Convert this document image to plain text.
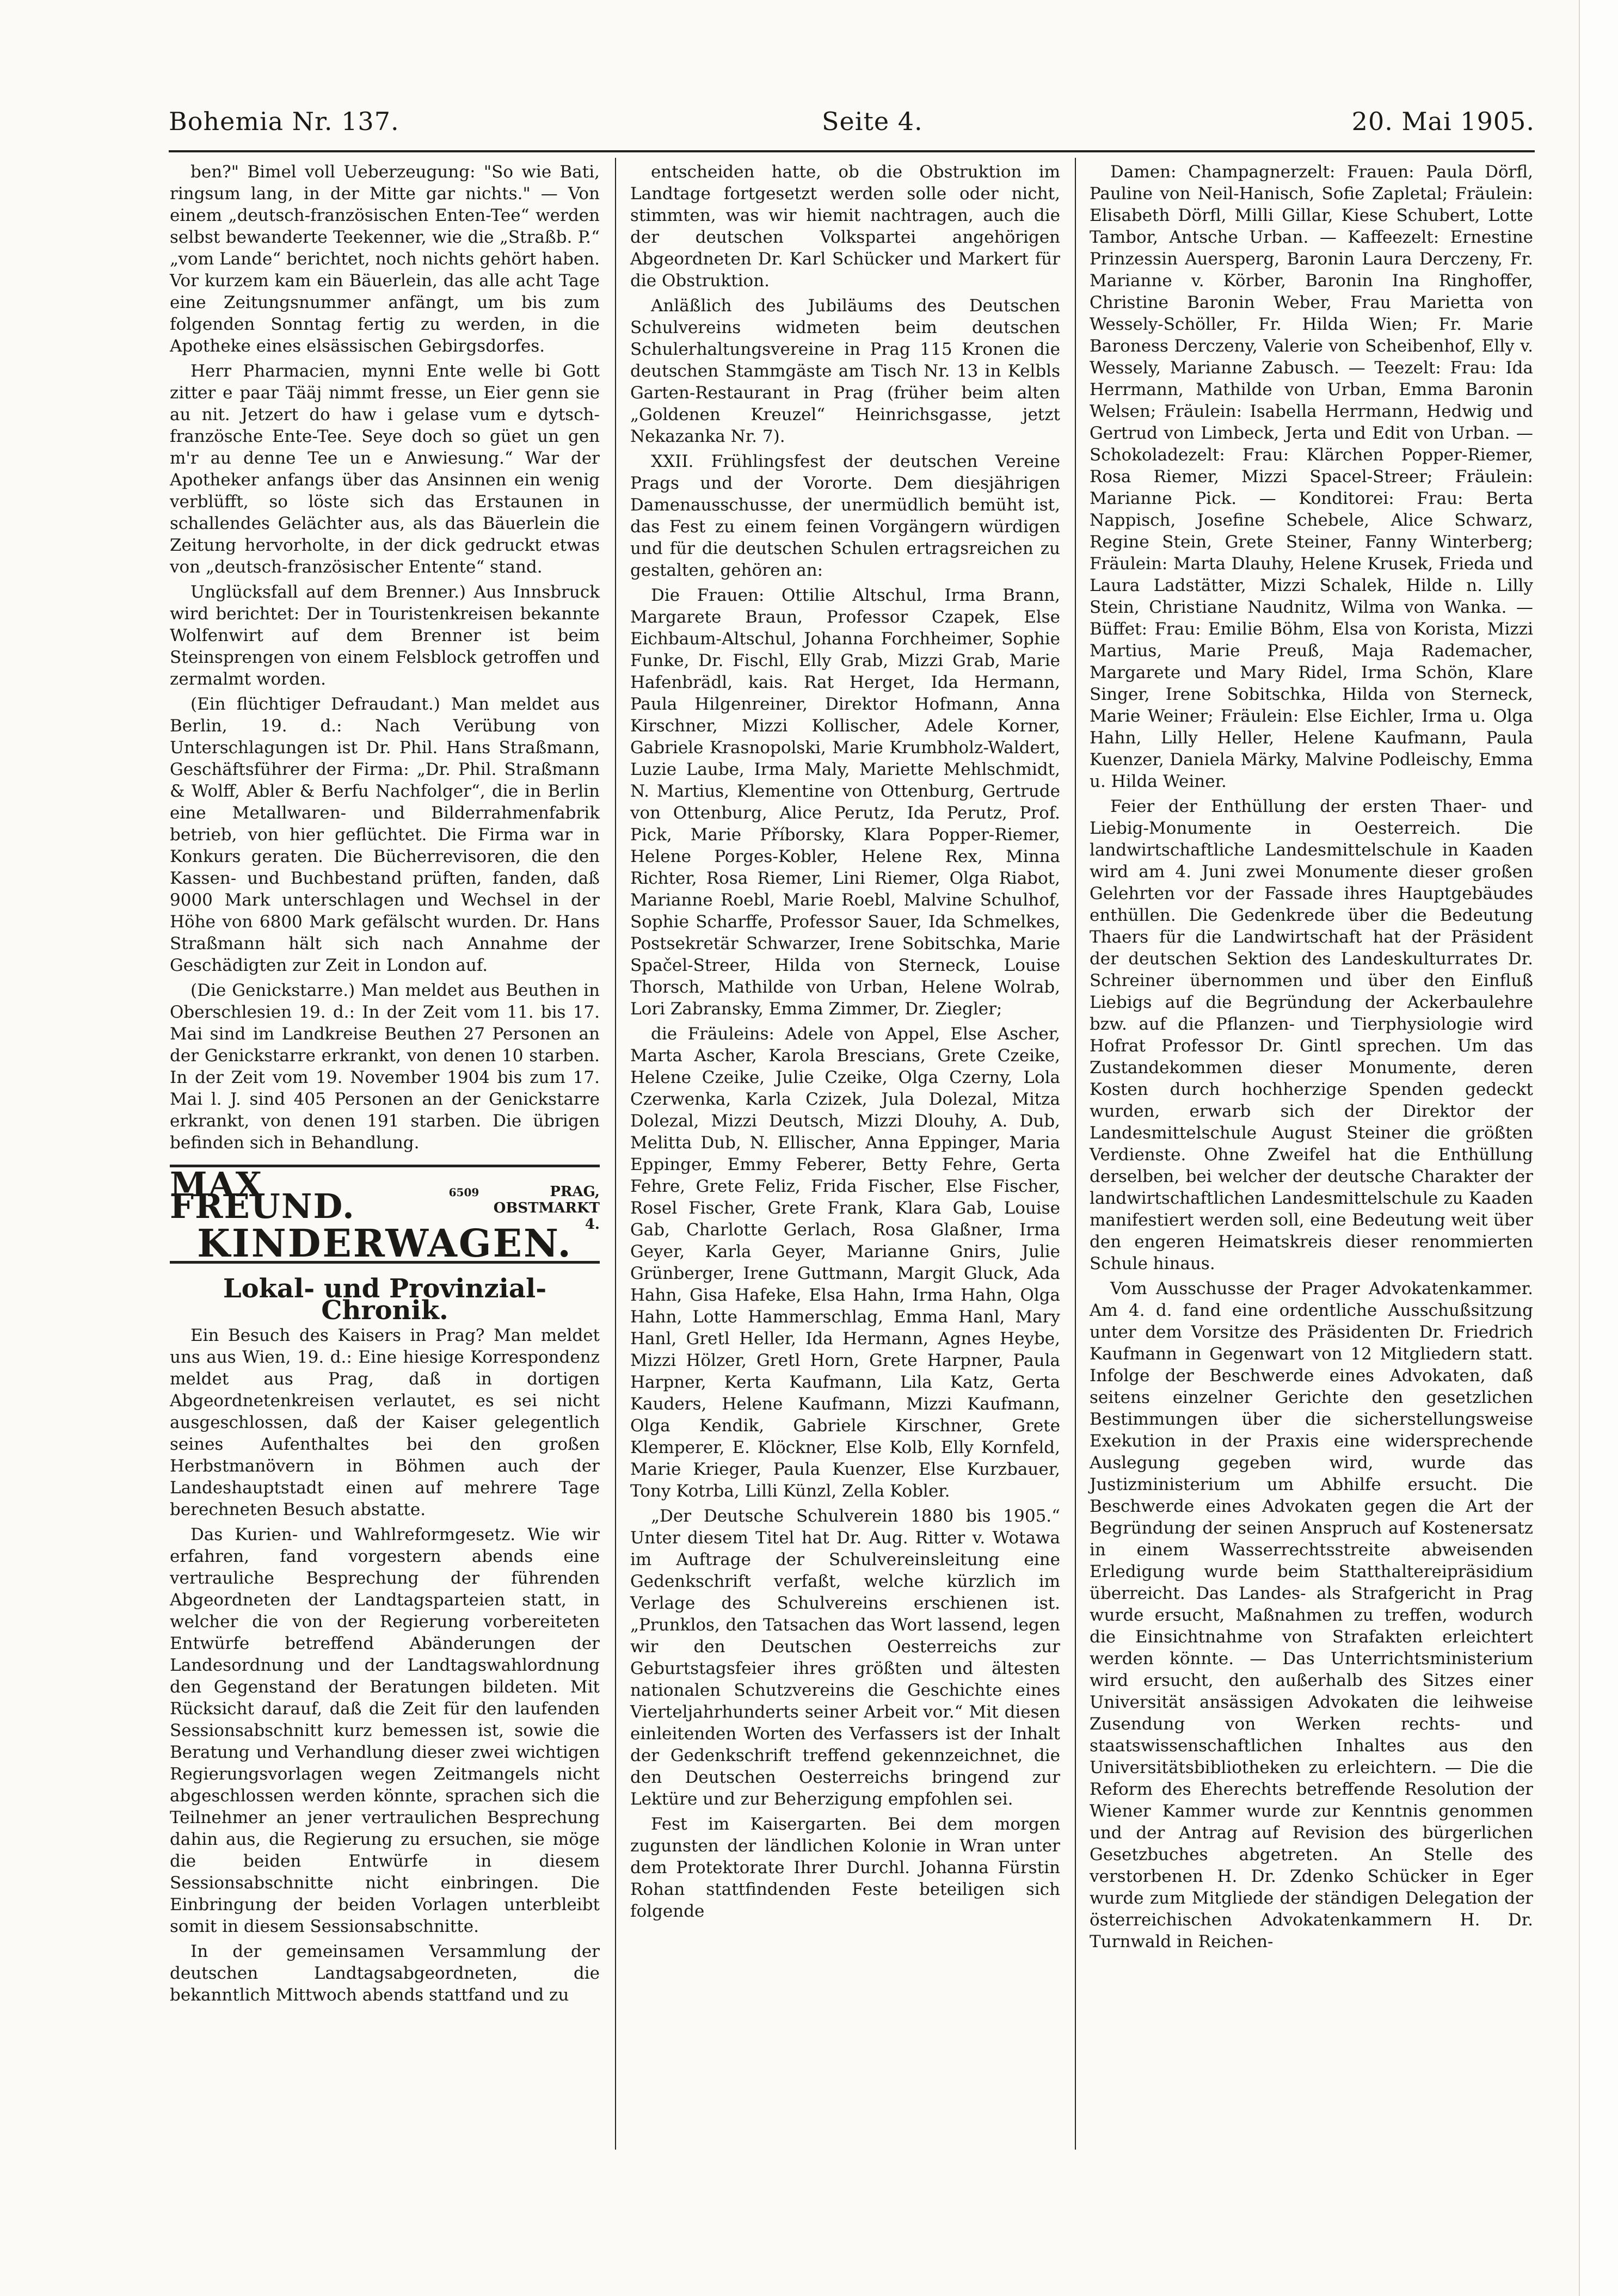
Bohemia Nr. 137.	Seite 4.	20. Mai 1905.

ben?" Bimel voll Ueberzeugung: "So wie Bati, ringsum lang, in der Mitte gar nichts." — Von einem „deutsch-französischen Enten-Tee“ werden selbst bewanderte Teekenner, wie die „Straßb. P.“ „vom Lande“ berichtet, noch nichts gehört haben. Vor kurzem kam ein Bäuerlein, das alle acht Tage eine Zeitungsnummer anfängt, um bis zum folgenden Sonntag fertig zu werden, in die Apotheke eines elsässischen Gebirgsdorfes.

Herr Pharmacien, mynni Ente welle bi Gott zitter e paar Tääj nimmt fresse, un Eier genn sie au nit. Jetzert do haw i gelase vum e dytsch-französche Ente-Tee. Seye doch so güet un gen m'r au denne Tee un e Anwiesung.“ War der Apotheker anfangs über das Ansinnen ein wenig verblüfft, so löste sich das Erstaunen in schallendes Gelächter aus, als das Bäuerlein die Zeitung hervorholte, in der dick gedruckt etwas von „deutsch-französischer Entente“ stand.

Unglücksfall auf dem Brenner.) Aus Innsbruck wird berichtet: Der in Touristenkreisen bekannte Wolfenwirt auf dem Brenner ist beim Steinsprengen von einem Felsblock getroffen und zermalmt worden.

(Ein flüchtiger Defraudant.) Man meldet aus Berlin, 19. d.: Nach Verübung von Unterschlagungen ist Dr. Phil. Hans Straßmann, Geschäftsführer der Firma: „Dr. Phil. Straßmann & Wolff, Abler & Berfu Nachfolger“, die in Berlin eine Metallwaren- und Bilderrahmenfabrik betrieb, von hier geflüchtet. Die Firma war in Konkurs geraten. Die Bücherrevisoren, die den Kassen- und Buchbestand prüften, fanden, daß 9000 Mark unterschlagen und Wechsel in der Höhe von 6800 Mark gefälscht wurden. Dr. Hans Straßmann hält sich nach Annahme der Geschädigten zur Zeit in London auf.

(Die Genickstarre.) Man meldet aus Beuthen in Oberschlesien 19. d.: In der Zeit vom 11. bis 17. Mai sind im Landkreise Beuthen 27 Personen an der Genickstarre erkrankt, von denen 10 starben. In der Zeit vom 19. November 1904 bis zum 17. Mai l. J. sind 405 Personen an der Genickstarre erkrankt, von denen 191 starben. Die übrigen befinden sich in Behandlung.

MAX FREUND.	6509	PRAG,
OBSTMARKT 4.
KINDERWAGEN.

Lokal- und Provinzial-Chronik.

Ein Besuch des Kaisers in Prag? Man meldet uns aus Wien, 19. d.: Eine hiesige Korrespondenz meldet aus Prag, daß in dortigen Abgeordnetenkreisen verlautet, es sei nicht ausgeschlossen, daß der Kaiser gelegentlich seines Aufenthaltes bei den großen Herbstmanövern in Böhmen auch der Landeshauptstadt einen auf mehrere Tage berechneten Besuch abstatte.

Das Kurien- und Wahlreformgesetz. Wie wir erfahren, fand vorgestern abends eine vertrauliche Besprechung der führenden Abgeordneten der Landtagsparteien statt, in welcher die von der Regierung vorbereiteten Entwürfe betreffend Abänderungen der Landesordnung und der Landtagswahlordnung den Gegenstand der Beratungen bildeten. Mit Rücksicht darauf, daß die Zeit für den laufenden Sessionsabschnitt kurz bemessen ist, sowie die Beratung und Verhandlung dieser zwei wichtigen Regierungsvorlagen wegen Zeitmangels nicht abgeschlossen werden könnte, sprachen sich die Teilnehmer an jener vertraulichen Besprechung dahin aus, die Regierung zu ersuchen, sie möge die beiden Entwürfe in diesem Sessionsabschnitte nicht einbringen. Die Einbringung der beiden Vorlagen unterbleibt somit in diesem Sessionsabschnitte.

In der gemeinsamen Versammlung der deutschen Landtagsabgeordneten, die bekanntlich Mittwoch abends stattfand und zu

entscheiden hatte, ob die Obstruktion im Landtage fortgesetzt werden solle oder nicht, stimmten, was wir hiemit nachtragen, auch die der deutschen Volkspartei angehörigen Abgeordneten Dr. Karl Schücker und Markert für die Obstruktion.

Anläßlich des Jubiläums des Deutschen Schulvereins widmeten beim deutschen Schulerhaltungsvereine in Prag 115 Kronen die deutschen Stammgäste am Tisch Nr. 13 in Kelbls Garten-Restaurant in Prag (früher beim alten „Goldenen Kreuzel“ Heinrichsgasse, jetzt Nekazanka Nr. 7).

XXII. Frühlingsfest der deutschen Vereine Prags und der Vororte. Dem diesjährigen Damenausschusse, der unermüdlich bemüht ist, das Fest zu einem feinen Vorgängern würdigen und für die deutschen Schulen ertragsreichen zu gestalten, gehören an:

Die Frauen: Ottilie Altschul, Irma Brann, Margarete Braun, Professor Czapek, Else Eichbaum-Altschul, Johanna Forchheimer, Sophie Funke, Dr. Fischl, Elly Grab, Mizzi Grab, Marie Hafenbrädl, kais. Rat Herget, Ida Hermann, Paula Hilgenreiner, Direktor Hofmann, Anna Kirschner, Mizzi Kollischer, Adele Korner, Gabriele Krasnopolski, Marie Krumbholz-Waldert, Luzie Laube, Irma Maly, Mariette Mehlschmidt, N. Martius, Klementine von Ottenburg, Gertrude von Ottenburg, Alice Perutz, Ida Perutz, Prof. Pick, Marie Příborsky, Klara Popper-Riemer, Helene Porges-Kobler, Helene Rex, Minna Richter, Rosa Riemer, Lini Riemer, Olga Riabot, Marianne Roebl, Marie Roebl, Malvine Schulhof, Sophie Scharffe, Professor Sauer, Ida Schmelkes, Postsekretär Schwarzer, Irene Sobitschka, Marie Spačel-Streer, Hilda von Sterneck, Louise Thorsch, Mathilde von Urban, Helene Wolrab, Lori Zabransky, Emma Zimmer, Dr. Ziegler;

die Fräuleins: Adele von Appel, Else Ascher, Marta Ascher, Karola Brescians, Grete Czeike, Helene Czeike, Julie Czeike, Olga Czerny, Lola Czerwenka, Karla Czizek, Jula Dolezal, Mitza Dolezal, Mizzi Deutsch, Mizzi Dlouhy, A. Dub, Melitta Dub, N. Ellischer, Anna Eppinger, Maria Eppinger, Emmy Feberer, Betty Fehre, Gerta Fehre, Grete Feliz, Frida Fischer, Else Fischer, Rosel Fischer, Grete Frank, Klara Gab, Louise Gab, Charlotte Gerlach, Rosa Glaßner, Irma Geyer, Karla Geyer, Marianne Gnirs, Julie Grünberger, Irene Guttmann, Margit Gluck, Ada Hahn, Gisa Hafeke, Elsa Hahn, Irma Hahn, Olga Hahn, Lotte Hammerschlag, Emma Hanl, Mary Hanl, Gretl Heller, Ida Hermann, Agnes Heybe, Mizzi Hölzer, Gretl Horn, Grete Harpner, Paula Harpner, Kerta Kaufmann, Lila Katz, Gerta Kauders, Helene Kaufmann, Mizzi Kaufmann, Olga Kendik, Gabriele Kirschner, Grete Klemperer, E. Klöckner, Else Kolb, Elly Kornfeld, Marie Krieger, Paula Kuenzer, Else Kurzbauer, Tony Kotrba, Lilli Künzl, Zella Kobler.

„Der Deutsche Schulverein 1880 bis 1905.“ Unter diesem Titel hat Dr. Aug. Ritter v. Wotawa im Auftrage der Schulvereinsleitung eine Gedenkschrift verfaßt, welche kürzlich im Verlage des Schulvereins erschienen ist. „Prunklos, den Tatsachen das Wort lassend, legen wir den Deutschen Oesterreichs zur Geburtstagsfeier ihres größten und ältesten nationalen Schutzvereins die Geschichte eines Vierteljahrhunderts seiner Arbeit vor.“ Mit diesen einleitenden Worten des Verfassers ist der Inhalt der Gedenkschrift treffend gekennzeichnet, die den Deutschen Oesterreichs bringend zur Lektüre und zur Beherzigung empfohlen sei.

Fest im Kaisergarten. Bei dem morgen zugunsten der ländlichen Kolonie in Wran unter dem Protektorate Ihrer Durchl. Johanna Fürstin Rohan stattfindenden Feste beteiligen sich folgende

Damen: Champagnerzelt: Frauen: Paula Dörfl, Pauline von Neil-Hanisch, Sofie Zapletal; Fräulein: Elisabeth Dörfl, Milli Gillar, Kiese Schubert, Lotte Tambor, Antsche Urban. — Kaffeezelt: Ernestine Prinzessin Auersperg, Baronin Laura Derczeny, Fr. Marianne v. Körber, Baronin Ina Ringhoffer, Christine Baronin Weber, Frau Marietta von Wessely-Schöller, Fr. Hilda Wien; Fr. Marie Baroness Derczeny, Valerie von Scheibenhof, Elly v. Wessely, Marianne Zabusch. — Teezelt: Frau: Ida Herrmann, Mathilde von Urban, Emma Baronin Welsen; Fräulein: Isabella Herrmann, Hedwig und Gertrud von Limbeck, Jerta und Edit von Urban. — Schokoladezelt: Frau: Klärchen Popper-Riemer, Rosa Riemer, Mizzi Spacel-Streer; Fräulein: Marianne Pick. — Konditorei: Frau: Berta Nappisch, Josefine Schebele, Alice Schwarz, Regine Stein, Grete Steiner, Fanny Winterberg; Fräulein: Marta Dlauhy, Helene Krusek, Frieda und Laura Ladstätter, Mizzi Schalek, Hilde n. Lilly Stein, Christiane Naudnitz, Wilma von Wanka. — Büffet: Frau: Emilie Böhm, Elsa von Korista, Mizzi Martius, Marie Preuß, Maja Rademacher, Margarete und Mary Ridel, Irma Schön, Klare Singer, Irene Sobitschka, Hilda von Sterneck, Marie Weiner; Fräulein: Else Eichler, Irma u. Olga Hahn, Lilly Heller, Helene Kaufmann, Paula Kuenzer, Daniela Märky, Malvine Podleischy, Emma u. Hilda Weiner.

Feier der Enthüllung der ersten Thaer- und Liebig-Monumente in Oesterreich. Die landwirtschaftliche Landesmittelschule in Kaaden wird am 4. Juni zwei Monumente dieser großen Gelehrten vor der Fassade ihres Hauptgebäudes enthüllen. Die Gedenkrede über die Bedeutung Thaers für die Landwirtschaft hat der Präsident der deutschen Sektion des Landeskulturrates Dr. Schreiner übernommen und über den Einfluß Liebigs auf die Begründung der Ackerbaulehre bzw. auf die Pflanzen- und Tierphysiologie wird Hofrat Professor Dr. Gintl sprechen. Um das Zustandekommen dieser Monumente, deren Kosten durch hochherzige Spenden gedeckt wurden, erwarb sich der Direktor der Landesmittelschule August Steiner die größten Verdienste. Ohne Zweifel hat die Enthüllung derselben, bei welcher der deutsche Charakter der landwirtschaftlichen Landesmittelschule zu Kaaden manifestiert werden soll, eine Bedeutung weit über den engeren Heimatskreis dieser renommierten Schule hinaus.

Vom Ausschusse der Prager Advokatenkammer. Am 4. d. fand eine ordentliche Ausschußsitzung unter dem Vorsitze des Präsidenten Dr. Friedrich Kaufmann in Gegenwart von 12 Mitgliedern statt. Infolge der Beschwerde eines Advokaten, daß seitens einzelner Gerichte den gesetzlichen Bestimmungen über die sicherstellungsweise Exekution in der Praxis eine widersprechende Auslegung gegeben wird, wurde das Justizministerium um Abhilfe ersucht. Die Beschwerde eines Advokaten gegen die Art der Begründung der seinen Anspruch auf Kostenersatz in einem Wasserrechtsstreite abweisenden Erledigung wurde beim Statthaltereipräsidium überreicht. Das Landes- als Strafgericht in Prag wurde ersucht, Maßnahmen zu treffen, wodurch die Einsichtnahme von Strafakten erleichtert werden könnte. — Das Unterrichtsministerium wird ersucht, den außerhalb des Sitzes einer Universität ansässigen Advokaten die leihweise Zusendung von Werken rechts- und staatswissenschaftlichen Inhaltes aus den Universitätsbibliotheken zu erleichtern. — Die die Reform des Eherechts betreffende Resolution der Wiener Kammer wurde zur Kenntnis genommen und der Antrag auf Revision des bürgerlichen Gesetzbuches abgetreten. An Stelle des verstorbenen H. Dr. Zdenko Schücker in Eger wurde zum Mitgliede der ständigen Delegation der österreichischen Advokatenkammern H. Dr. Turnwald in Reichen-
